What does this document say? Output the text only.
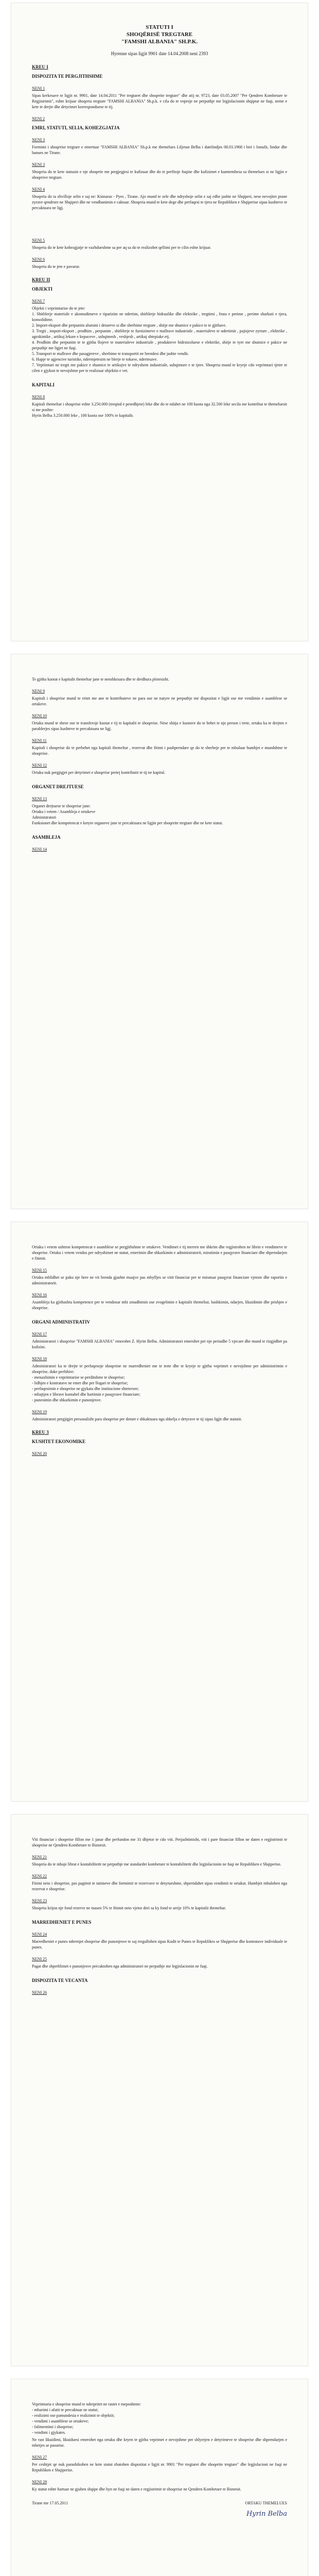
STATUTI I
SHOQËRISË TREGTARE
"FAMSHI ALBANIA" SH.P.K.
Hyrenne sipas ligjit 9901 date 14.04.2008 neni 2393
KREU I
DISPOZITA TE PERGJITHSHME
NENI 1
Sipas kerkesave te ligjit nr. 9901, date 14.04.2011 "Per tregtaret dhe shoqerite tregtare" dhe atij nr. 9723, date 03.05.2007 "Per Qendren Kombetare te Regjistrimit", eshte krijuar shoqeria tregtare "FAMSHI ALBANIA" Sh.p.k. e cila do te veproje ne perputhje me legjislacionin shqiptar ne fuqi, neme e kete te drejte dhe detyrimet korresponduese te tij.
NENI 2
EMRI, STATUTI, SELIA, KOHEZGJATJA
NENI 3
Formimi i shoqerise tregtare e emertuar "FAMSHI ALBANIA" Sh.p.k me themelues Liljetan Belba i datelindjes 08.03.1968 i biri i Jonufit, lindur dhe banues ne Tirane.
NENI 3
Shoqeria do te kete statusin e nje shoqerie me pergjegjesi te kufizuar dhe do te perfitoje fuqine dhe kufizimet e kumtemhesa sa themelues si ne ligjin e shoqerive tregtare.
NENI 4
Shoqeria do ta zhvilloje selin e saj ne: Kinnaras - Pyes , Tirane. Ajo mund te zele dhe ndryshoje selin e saj edhe jashte ne Shqiperi, nese nevojitet prane zyrave qendrore ne Shqiperi dhe ne vendbanimin e caktuar. Shoqeria mund te kete dege dhe perfaqesi te tjera ne Republiken e Shqiperise sipas kushteve te percaktuara ne ligj.
NENI 5
Shoqeria do te kete kohezgjatje te vazhdueshme sa per aq sa do te realizohet qellimi per te cilin eshte krijuar.
NENI 6
Shoqeria do te jete e pavarur.
KREU II
OBJEKTI
NENI 7
Objekti i veprimtarise do te jete:
1. Shitblerje materiale e akomodimeve e tiparizim ne ndertim, shitblerje hidraulike dhe elektrike , tregtimi , fruta e perime , perime sharkuti e tjera, konsolidime.
2. Import-eksport dhe perpunim alumini i detareve si dhe sherbime tregtare , shitje me shumice e pakice te te gjithave.
3. Tregti , import-eksport , prodhim , perpunim , shitblerje te furnizimeve e mallrave industriale , materialeve te ndertimit , pajisjeve zyrtare , elektrike , agrokimike , artikuj lekure e kepuceve , ushqimesh , veshjesh , artikuj shtepiake etj.
4. Prodhim dhe perpunim te te gjitha llojeve te materialeve industriale , produkteve hidroizoluese e elektrike, shitje te tyre me shumice e pakice ne perputhje me ligjet ne fuqi.
5. Transport te mallrave dhe pasagjereve , sherbime te transportit ne brendesi dhe jashte vendit.
6. Hapje te agjencive turistike, ndermjetesim ne blerje te tokave, ndertesave.
7. Veprimtari ne tregti me pakice e shumice te artikujve te ndryshem industriale, ushqimore e te tjere. Shoqeria mund te kryeje cdo veprimtari tjeter te cilen e gjykon te nevojshme per te realizuar objektin e vet.
KAPITALI
NENI 8
Kapitali themeltar i shoqerise eshte 3.250.000 (treqind e pesedhjete) leke dhe do te ndahet ne 100 kuota nga 32.500 leke secila me kontribut te themeluesit si me poshte:
Hyrin Belba 3.250.000 leke , 100 kuota ose 100% te kapitalit.
Te gjitha kuotat e kapitalit themeltar jane te nenshkruara dhe te derdhura plotesisht.
NENI 9
Kapitali i shoqerise mund te rritet me ane te kontributeve ne para ose ne natyre ne perputhje me dispozitat e ligjit ose me vendimin e asamblese se ortakeve.
NENI 10
Ortaku mund te shese ose te transferoje kuotat e tij te kapitalit te shoqerise. Nese shitja e kuotave do te behet te nje person i trete, ortaku ka te drejten e parablerjes sipas kushteve te percaktuara ne ligj.
NENI 11
Kapitali i shoqerise do te perbehet nga kapitali themeltar , rezervat dhe fitimi i pashperndare qe do te sherbeje per te mbuluar humbjet e mundshme te shoqerise.
NENI 12
Ortaku nuk pergjigjet per detyrimet e shoqerise pertej kontributit te tij ne kapital.
ORGANET DREJTUESE
NENI 13
Organet drejtuese te shoqerise jane:
Ortaku i vetem / Asambleja e ortakeve
Administratori
Funksionet dhe kompetencat e ketyre organeve jane te percaktuara ne ligjin per shoqerite tregtare dhe ne kete statut.
ASAMBLEJA
NENI 14
Ortaku i vetem ushtron kompetencat e asamblese se pergjithshme te ortakeve. Vendimet e tij merren me shkrim dhe regjistrohen ne librin e vendimeve te shoqerise. Ortaku i vetem vendos per ndryshimet ne statut, emerimin dhe shkarkimin e administratorit, miratimin e pasqyrave financiare dhe shperndarjen e fitimit.
NENI 15
Ortaku mblidhet se paku nje here ne vit brenda gjashte muajve pas mbylljes se vitit financiar per te miratuar pasqyrat financiare vjetore dhe raportin e administratorit.
NENI 16
Asambleja ka gjithashtu kompetence per te vendosur mbi zmadhimin ose zvogelimin e kapitalit themeltar, bashkimin, ndarjen, likuidimin dhe prishjen e shoqerise.
ORGANI ADMINISTRATIV
NENI 17
Administratori i shoqerise "FAMSHI ALBANIA" emerohet Z. Hyrin Belba. Administratori emerohet per nje periudhe 5 vjecare dhe mund te rizgjidhet pa kufizim.
NENI 18
Administratori ka te drejte te perfaqesoje shoqerine ne marredheniet me te trete dhe te kryeje te gjitha veprimet e nevojshme per administrimin e shoqerise, duke perfshire:
- menaxhimin e veprimtarise se perditshme te shoqerise;
- lidhjen e kontratave ne emer dhe per llogari te shoqerise;
- perfaqesimin e shoqerise ne gjykata dhe institucione shteterore;
- mbajtjen e librave kontabel dhe hartimin e pasqyrave financiare;
- punesimin dhe shkarkimin e punonjesve.
NENI 19
Administratori pergjigjet personalisht para shoqerise per demet e shkaktuara nga shkelja e detyrave te tij sipas ligjit dhe statutit.
KREU 3
KUSHTET EKONOMIKE
NENI 20
Viti financiar i shoqerise fillon me 1 janar dhe perfundon me 31 dhjetor te cdo viti. Perjashtimisht, viti i pare financiar fillon ne daten e regjistrimit te shoqerise ne Qendren Kombetare te Biznesit.
NENI 21
Shoqeria do te mbaje librat e kontabilitetit ne perputhje me standardet kombetare te kontabilitetit dhe legjislacionin ne fuqi ne Republiken e Shqiperise.
NENI 22
Fitimi neto i shoqerise, pas pagimit te tatimeve dhe formimit te rezervave te detyrueshme, shperndahet sipas vendimit te ortakut. Humbjet mbulohen nga rezervat e shoqerise.
NENI 23
Shoqeria krijon nje fond rezerve ne masen 5% te fitimit neto vjetor deri sa ky fond te arrije 10% te kapitalit themeltar.
MARREDHENIET E PUNES
NENI 24
Marredheniet e punes ndermjet shoqerise dhe punonjesve te saj rregullohen sipas Kodit te Punes te Republikes se Shqiperise dhe kontratave individuale te punes.
NENI 25
Pagat dhe shperblimet e punonjesve percaktohen nga administratori ne perputhje me legjislacionin ne fuqi.
DISPOZITA TE VECANTA
NENI 26
Veprimtaria e shoqerise mund te nderpritet ne rastet e meposhtme:
- mbarimi i afatit te percaktuar ne statut;
- realizimi ose pamundesia e realizimit te objektit;
- vendimi i asamblese se ortakeve;
- falimentimi i shoqerise;
- vendimi i gjykates.
Ne rast likuidimi, likuiduesi emerohet nga ortaku dhe kryen te gjitha veprimet e nevojshme per shlyerjen e detyrimeve te shoqerise dhe shperndarjen e mbetjes se pasurise.
NENI 27
Per ceshtjet qe nuk parashikohen ne kete statut zbatohen dispozitat e ligjit nr. 9901 "Per tregtaret dhe shoqerite tregtare" dhe legjislacioni ne fuqi ne Republiken e Shqiperise.
NENI 28
Ky statut eshte hartuar ne gjuhen shqipe dhe hyn ne fuqi ne daten e regjistrimit te shoqerise ne Qendren Kombetare te Biznesit.
Tirane me 17.05.2011	ORTAKU THEMELUES
Hyrin Belba
